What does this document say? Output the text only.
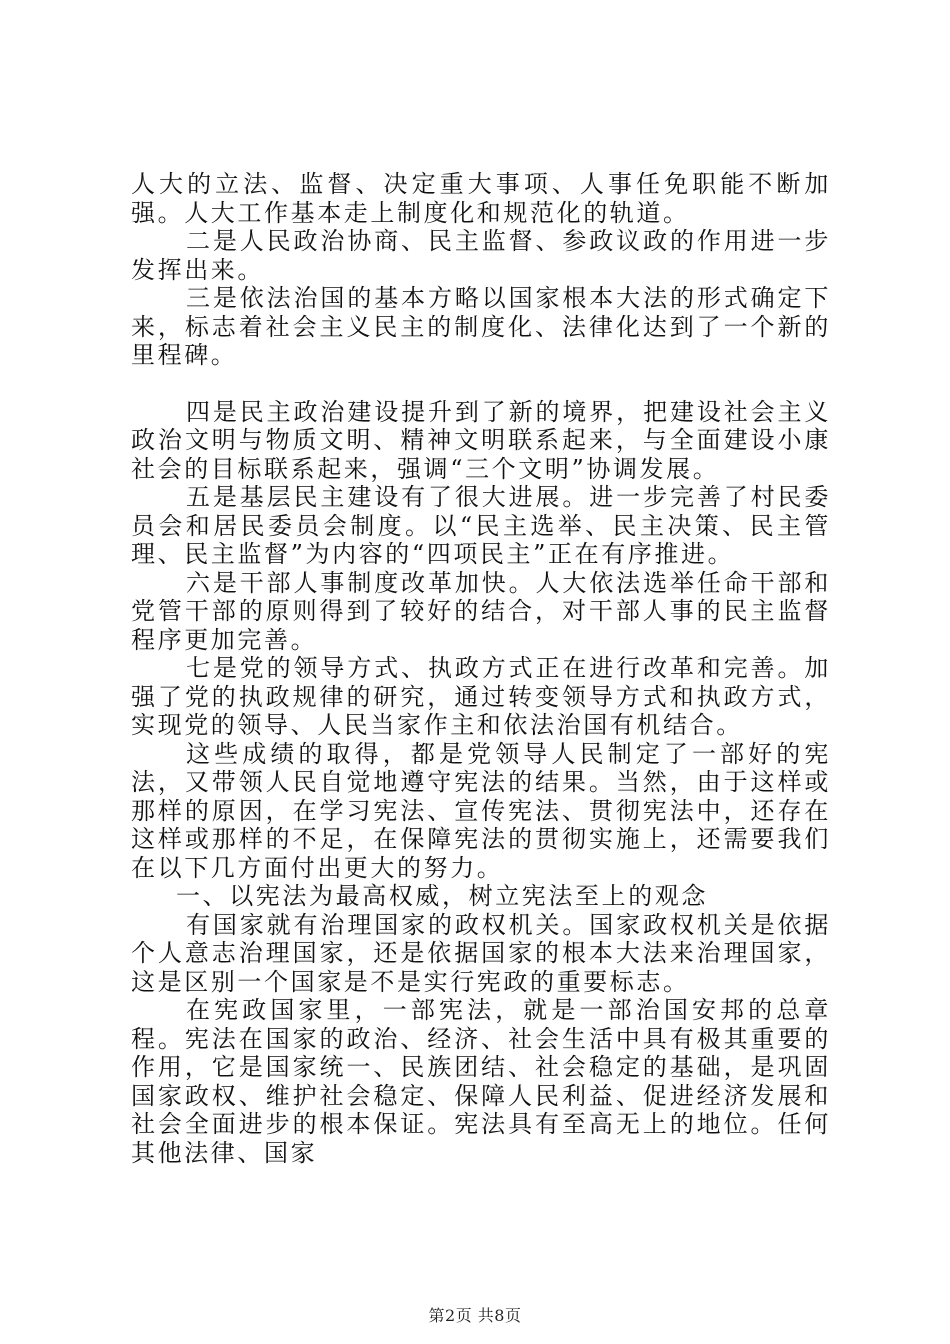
人大的立法、监督、决定重大事项、人事任免职能不断加强。人大工作基本走上制度化和规范化的轨道。

二是人民政治协商、民主监督、参政议政的作用进一步发挥出来。

三是依法治国的基本方略以国家根本大法的形式确定下来，标志着社会主义民主的制度化、法律化达到了一个新的里程碑。

四是民主政治建设提升到了新的境界，把建设社会主义政治文明与物质文明、精神文明联系起来，与全面建设小康社会的目标联系起来，强调“三个文明”协调发展。

五是基层民主建设有了很大进展。进一步完善了村民委员会和居民委员会制度。以“民主选举、民主决策、民主管理、民主监督”为内容的“四项民主”正在有序推进。

六是干部人事制度改革加快。人大依法选举任命干部和党管干部的原则得到了较好的结合，对干部人事的民主监督程序更加完善。

七是党的领导方式、执政方式正在进行改革和完善。加强了党的执政规律的研究，通过转变领导方式和执政方式，实现党的领导、人民当家作主和依法治国有机结合。

这些成绩的取得，都是党领导人民制定了一部好的宪法，又带领人民自觉地遵守宪法的结果。当然，由于这样或那样的原因，在学习宪法、宣传宪法、贯彻宪法中，还存在这样或那样的不足，在保障宪法的贯彻实施上，还需要我们在以下几方面付出更大的努力。

一、以宪法为最高权威，树立宪法至上的观念

有国家就有治理国家的政权机关。国家政权机关是依据个人意志治理国家，还是依据国家的根本大法来治理国家，这是区别一个国家是不是实行宪政的重要标志。

在宪政国家里，一部宪法，就是一部治国安邦的总章程。宪法在国家的政治、经济、社会生活中具有极其重要的作用，它是国家统一、民族团结、社会稳定的基础，是巩固国家政权、维护社会稳定、保障人民利益、促进经济发展和社会全面进步的根本保证。宪法具有至高无上的地位。任何其他法律、国家

第2页 共8页
